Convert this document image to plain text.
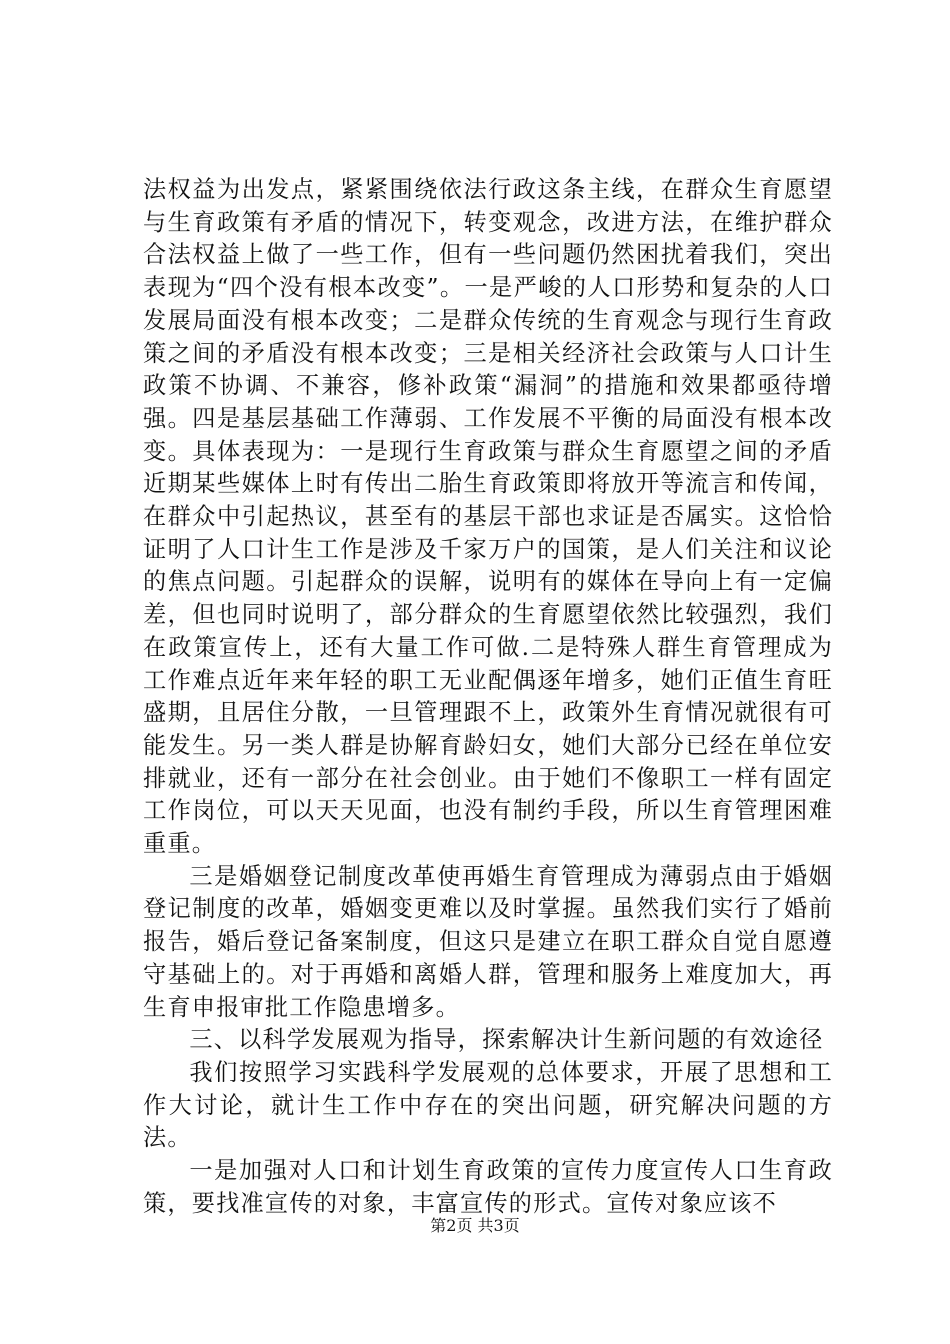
法权益为出发点，紧紧围绕依法行政这条主线，在群众生育愿望与生育政策有矛盾的情况下，转变观念，改进方法，在维护群众合法权益上做了一些工作，但有一些问题仍然困扰着我们，突出表现为“四个没有根本改变”。一是严峻的人口形势和复杂的人口发展局面没有根本改变；二是群众传统的生育观念与现行生育政策之间的矛盾没有根本改变；三是相关经济社会政策与人口计生政策不协调、不兼容，修补政策“漏洞”的措施和效果都亟待增强。四是基层基础工作薄弱、工作发展不平衡的局面没有根本改变。具体表现为：一是现行生育政策与群众生育愿望之间的矛盾近期某些媒体上时有传出二胎生育政策即将放开等流言和传闻，在群众中引起热议，甚至有的基层干部也求证是否属实。这恰恰证明了人口计生工作是涉及千家万户的国策，是人们关注和议论的焦点问题。引起群众的误解，说明有的媒体在导向上有一定偏差，但也同时说明了，部分群众的生育愿望依然比较强烈，我们在政策宣传上，还有大量工作可做.二是特殊人群生育管理成为工作难点近年来年轻的职工无业配偶逐年增多，她们正值生育旺盛期，且居住分散，一旦管理跟不上，政策外生育情况就很有可能发生。另一类人群是协解育龄妇女，她们大部分已经在单位安排就业，还有一部分在社会创业。由于她们不像职工一样有固定工作岗位，可以天天见面，也没有制约手段，所以生育管理困难重重。

三是婚姻登记制度改革使再婚生育管理成为薄弱点由于婚姻登记制度的改革，婚姻变更难以及时掌握。虽然我们实行了婚前报告，婚后登记备案制度，但这只是建立在职工群众自觉自愿遵守基础上的。对于再婚和离婚人群，管理和服务上难度加大，再生育申报审批工作隐患增多。

三、以科学发展观为指导，探索解决计生新问题的有效途径

我们按照学习实践科学发展观的总体要求，开展了思想和工作大讨论，就计生工作中存在的突出问题，研究解决问题的方法。

一是加强对人口和计划生育政策的宣传力度宣传人口生育政策，要找准宣传的对象，丰富宣传的形式。宣传对象应该不

第2页 共3页
